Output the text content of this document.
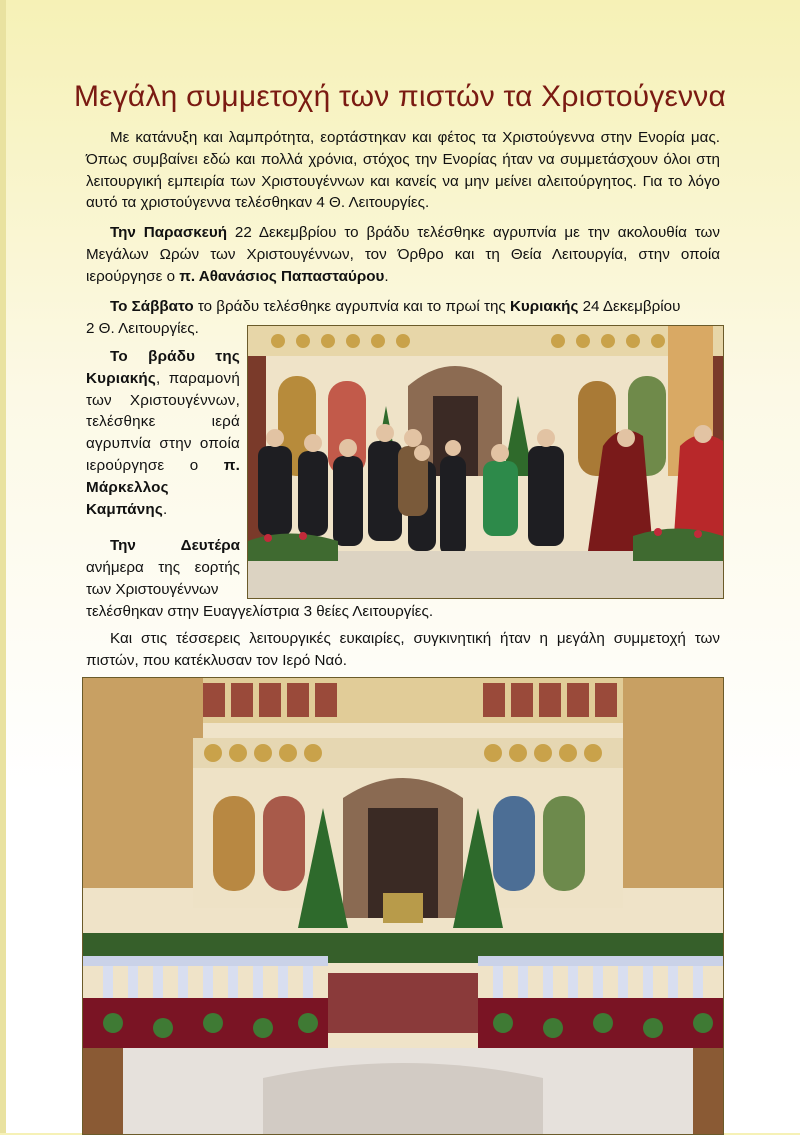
Μεγάλη συμμετοχή των πιστών τα Χριστούγεννα

Με κατάνυξη και λαμπρότητα, εορτάστηκαν και φέτος τα Χριστούγεννα στην Ενορία μας. Όπως συμβαίνει εδώ και πολλά χρόνια, στόχος την Ενορίας ήταν να συμμετάσχουν όλοι στη λειτουργική εμπειρία των Χριστουγέννων και κανείς να μην μείνει αλειτούργητος. Για το λόγο αυτό τα χριστούγεννα τελέσθηκαν 4 Θ. Λειτουργίες.

Την Παρασκευή 22 Δεκεμβρίου το βράδυ τελέσθηκε αγρυπνία με την ακολουθία των Μεγάλων Ωρών των Χριστουγέννων, τον Όρθρο και τη Θεία Λειτουργία, στην οποία ιερούργησε ο π. Αθανάσιος Παπασταύρου.

Το Σάββατο το βράδυ τελέσθηκε αγρυπνία και το πρωί της Κυριακής 24 Δεκεμβρίου

2 Θ. Λειτουργίες.

Το βράδυ της Κυριακής, παραμονή των Χριστουγέννων, τελέσθηκε ιερά αγρυπνία στην οποία ιερούργησε ο π. Μάρκελλος Καμπάνης.

Την Δευτέρα ανήμερα της εορτής των Χριστουγέννων

τελέσθηκαν στην Ευαγγελίστρια 3 θείες Λειτουργίες.

Και στις τέσσερεις λειτουργικές ευκαιρίες, συγκινητική ήταν η μεγάλη συμμετοχή των πιστών, που κατέκλυσαν τον Ιερό Ναό.
